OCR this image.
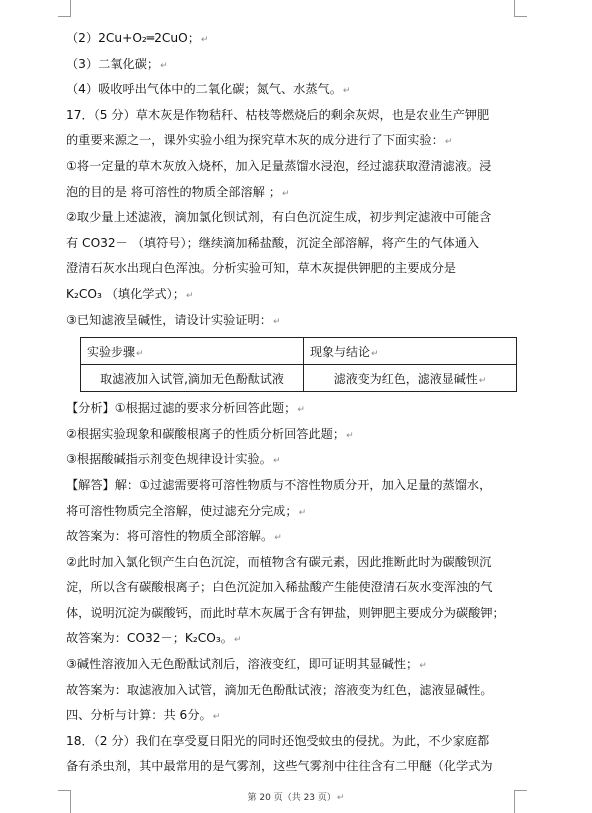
（2）2Cu+O₂═2CuO；↵
（3）二氧化碳；↵
（4）吸收呼出气体中的二氧化碳；氮气、水蒸气。↵
17．（5 分）草木灰是作物秸秆、枯枝等燃烧后的剩余灰烬，也是农业生产钾肥
的重要来源之一，课外实验小组为探究草木灰的成分进行了下面实验：↵
①将一定量的草木灰放入烧杯，加入足量蒸馏水浸泡，经过滤获取澄清滤液。浸
泡的目的是 将可溶性的物质全部溶解 ；↵
②取少量上述滤液，滴加氯化钡试剂，有白色沉淀生成，初步判定滤液中可能含
有 CO32－ （填符号）；继续滴加稀盐酸，沉淀全部溶解，将产生的气体通入
澄清石灰水出现白色浑浊。分析实验可知，草木灰提供钾肥的主要成分是
K₂CO₃ （填化学式）；↵
③已知滤液呈碱性，请设计实验证明：↵
实验步骤↵	现象与结论↵
取滤液加入试管,滴加无色酚酞试液	滤液变为红色，滤液显碱性↵
【分析】①根据过滤的要求分析回答此题；↵
②根据实验现象和碳酸根离子的性质分析回答此题；↵
③根据酸碱指示剂变色规律设计实验。↵
【解答】解：①过滤需要将可溶性物质与不溶性物质分开，加入足量的蒸馏水，
将可溶性物质完全溶解，使过滤充分完成；↵
故答案为：将可溶性的物质全部溶解。↵
②此时加入氯化钡产生白色沉淀，而植物含有碳元素，因此推断此时为碳酸钡沉
淀，所以含有碳酸根离子；白色沉淀加入稀盐酸产生能使澄清石灰水变浑浊的气
体，说明沉淀为碳酸钙，而此时草木灰属于含有钾盐，则钾肥主要成分为碳酸钾；
故答案为：CO32－；K₂CO₃。↵
③碱性溶液加入无色酚酞试剂后，溶液变红，即可证明其显碱性；↵
故答案为：取滤液加入试管，滴加无色酚酞试液；溶液变为红色，滤液显碱性。
四、分析与计算：共 6分。↵
18．（2 分）我们在享受夏日阳光的同时还饱受蚊虫的侵扰。为此，不少家庭都
备有杀虫剂，其中最常用的是气雾剂，这些气雾剂中往往含有二甲醚（化学式为
第 20 页（共 23 页）↵
